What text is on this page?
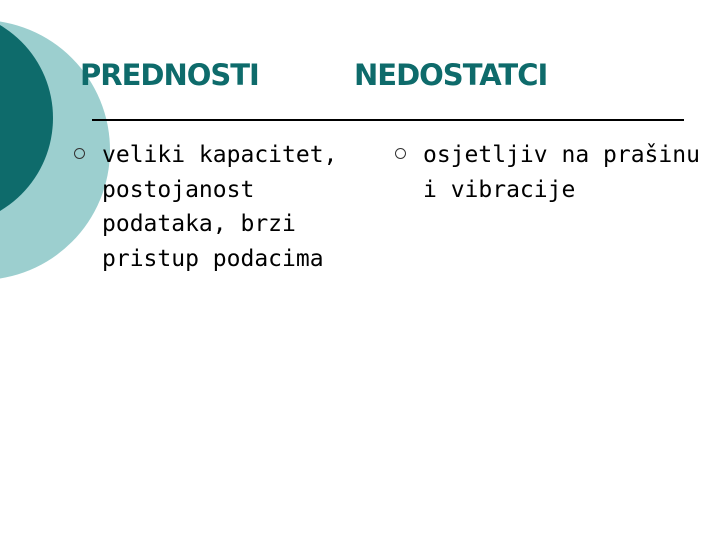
PREDNOSTI	NEDOSTATCI
veliki kapacitet, postojanost podataka, brzi pristup podacima
osjetljiv na prašinu i vibracije
